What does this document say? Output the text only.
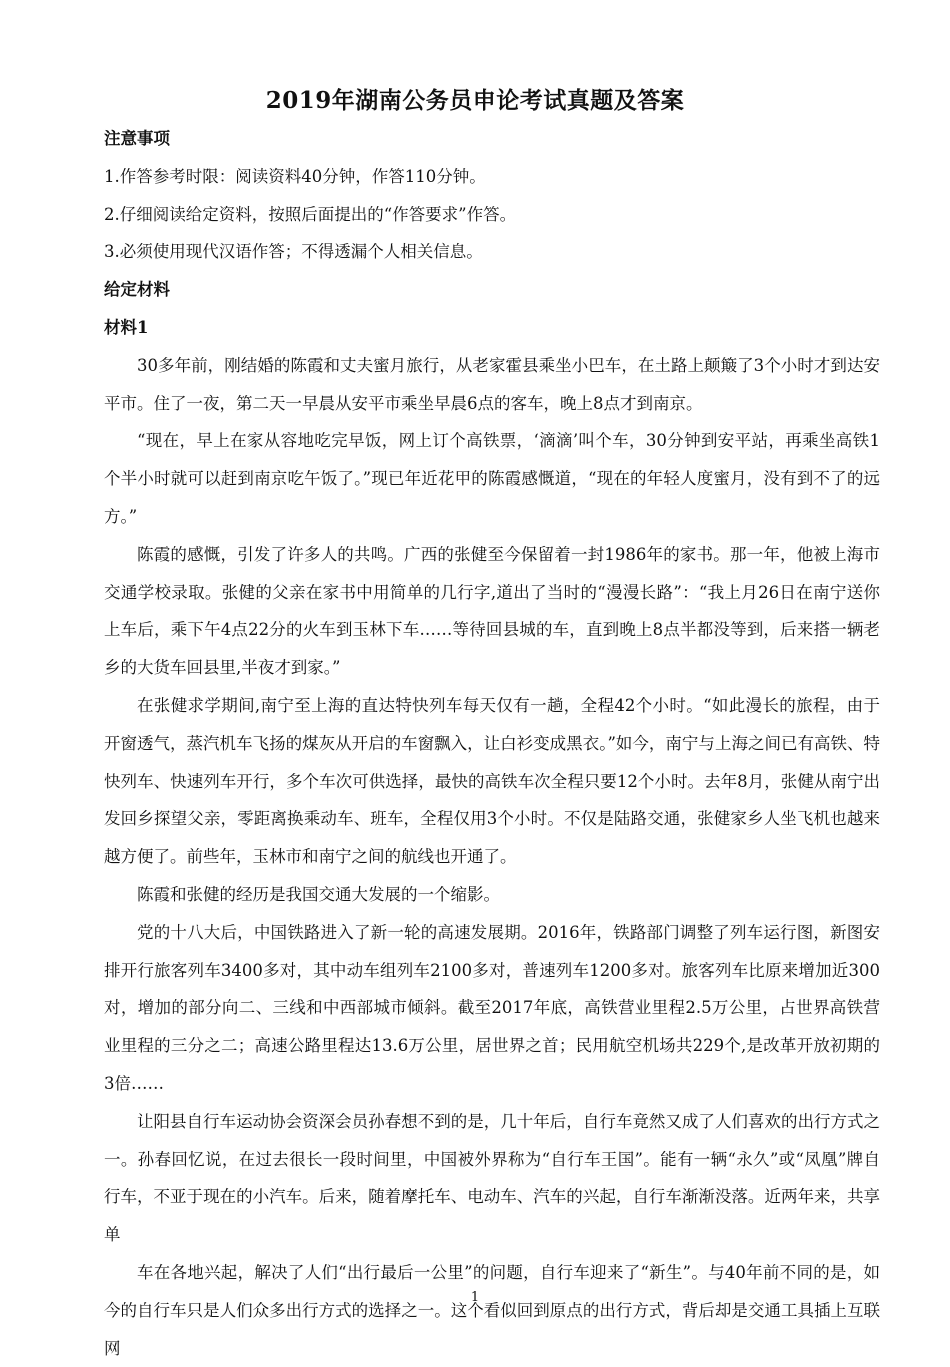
2019年湖南公务员申论考试真题及答案

注意事项

1.作答参考时限：阅读资料40分钟，作答110分钟。

2.仔细阅读给定资料，按照后面提出的“作答要求”作答。

3.必须使用现代汉语作答；不得透漏个人相关信息。

给定材料

材料1

30多年前，刚结婚的陈霞和丈夫蜜月旅行，从老家霍县乘坐小巴车，在土路上颠簸了3个小时才到达安平市。住了一夜，第二天一早晨从安平市乘坐早晨6点的客车，晚上8点才到南京。

“现在，早上在家从容地吃完早饭，网上订个高铁票，‘滴滴’叫个车，30分钟到安平站，再乘坐高铁1个半小时就可以赶到南京吃午饭了。”现已年近花甲的陈霞感慨道，“现在的年轻人度蜜月，没有到不了的远方。”

陈霞的感慨，引发了许多人的共鸣。广西的张健至今保留着一封1986年的家书。那一年，他被上海市交通学校录取。张健的父亲在家书中用简单的几行字,道出了当时的“漫漫长路”：“我上月26日在南宁送你上车后，乘下午4点22分的火车到玉林下车……等待回县城的车，直到晚上8点半都没等到，后来搭一辆老乡的大货车回县里,半夜才到家。”

在张健求学期间,南宁至上海的直达特快列车每天仅有一趟，全程42个小时。“如此漫长的旅程，由于开窗透气，蒸汽机车飞扬的煤灰从开启的车窗飘入，让白衫变成黑衣。”如今，南宁与上海之间已有高铁、特快列车、快速列车开行，多个车次可供选择，最快的高铁车次全程只要12个小时。去年8月，张健从南宁出发回乡探望父亲，零距离换乘动车、班车，全程仅用3个小时。不仅是陆路交通，张健家乡人坐飞机也越来越方便了。前些年，玉林市和南宁之间的航线也开通了。

陈霞和张健的经历是我国交通大发展的一个缩影。

党的十八大后，中国铁路进入了新一轮的高速发展期。2016年，铁路部门调整了列车运行图，新图安排开行旅客列车3400多对，其中动车组列车2100多对，普速列车1200多对。旅客列车比原来增加近300对，增加的部分向二、三线和中西部城市倾斜。截至2017年底，高铁营业里程2.5万公里，占世界高铁营业里程的三分之二；高速公路里程达13.6万公里，居世界之首；民用航空机场共229个,是改革开放初期的3倍……

让阳县自行车运动协会资深会员孙春想不到的是，几十年后，自行车竟然又成了人们喜欢的出行方式之一。孙春回忆说，在过去很长一段时间里，中国被外界称为“自行车王国”。能有一辆“永久”或“凤凰”牌自行车，不亚于现在的小汽车。后来，随着摩托车、电动车、汽车的兴起，自行车渐渐没落。近两年来，共享单

车在各地兴起，解决了人们“出行最后一公里”的问题，自行车迎来了“新生”。与40年前不同的是，如今的自行车只是人们众多出行方式的选择之一。这个看似回到原点的出行方式，背后却是交通工具插上互联网

1
